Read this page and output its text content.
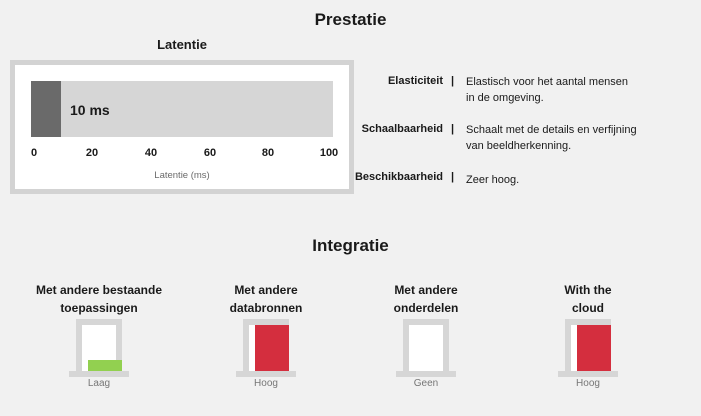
Prestatie
Latentie
10 ms
0	20	40	60	80	100
Latentie (ms)
Elasticiteit | Elastisch voor het aantal mensen
in de omgeving.
Schaalbaarheid | Schaalt met de details en verfijning
van beeldherkenning.
Beschikbaarheid | Zeer hoog.
Integratie
Met andere bestaande
toepassingen
Laag
Met andere
databronnen
Hoog
Met andere
onderdelen
Geen
With the
cloud
Hoog
